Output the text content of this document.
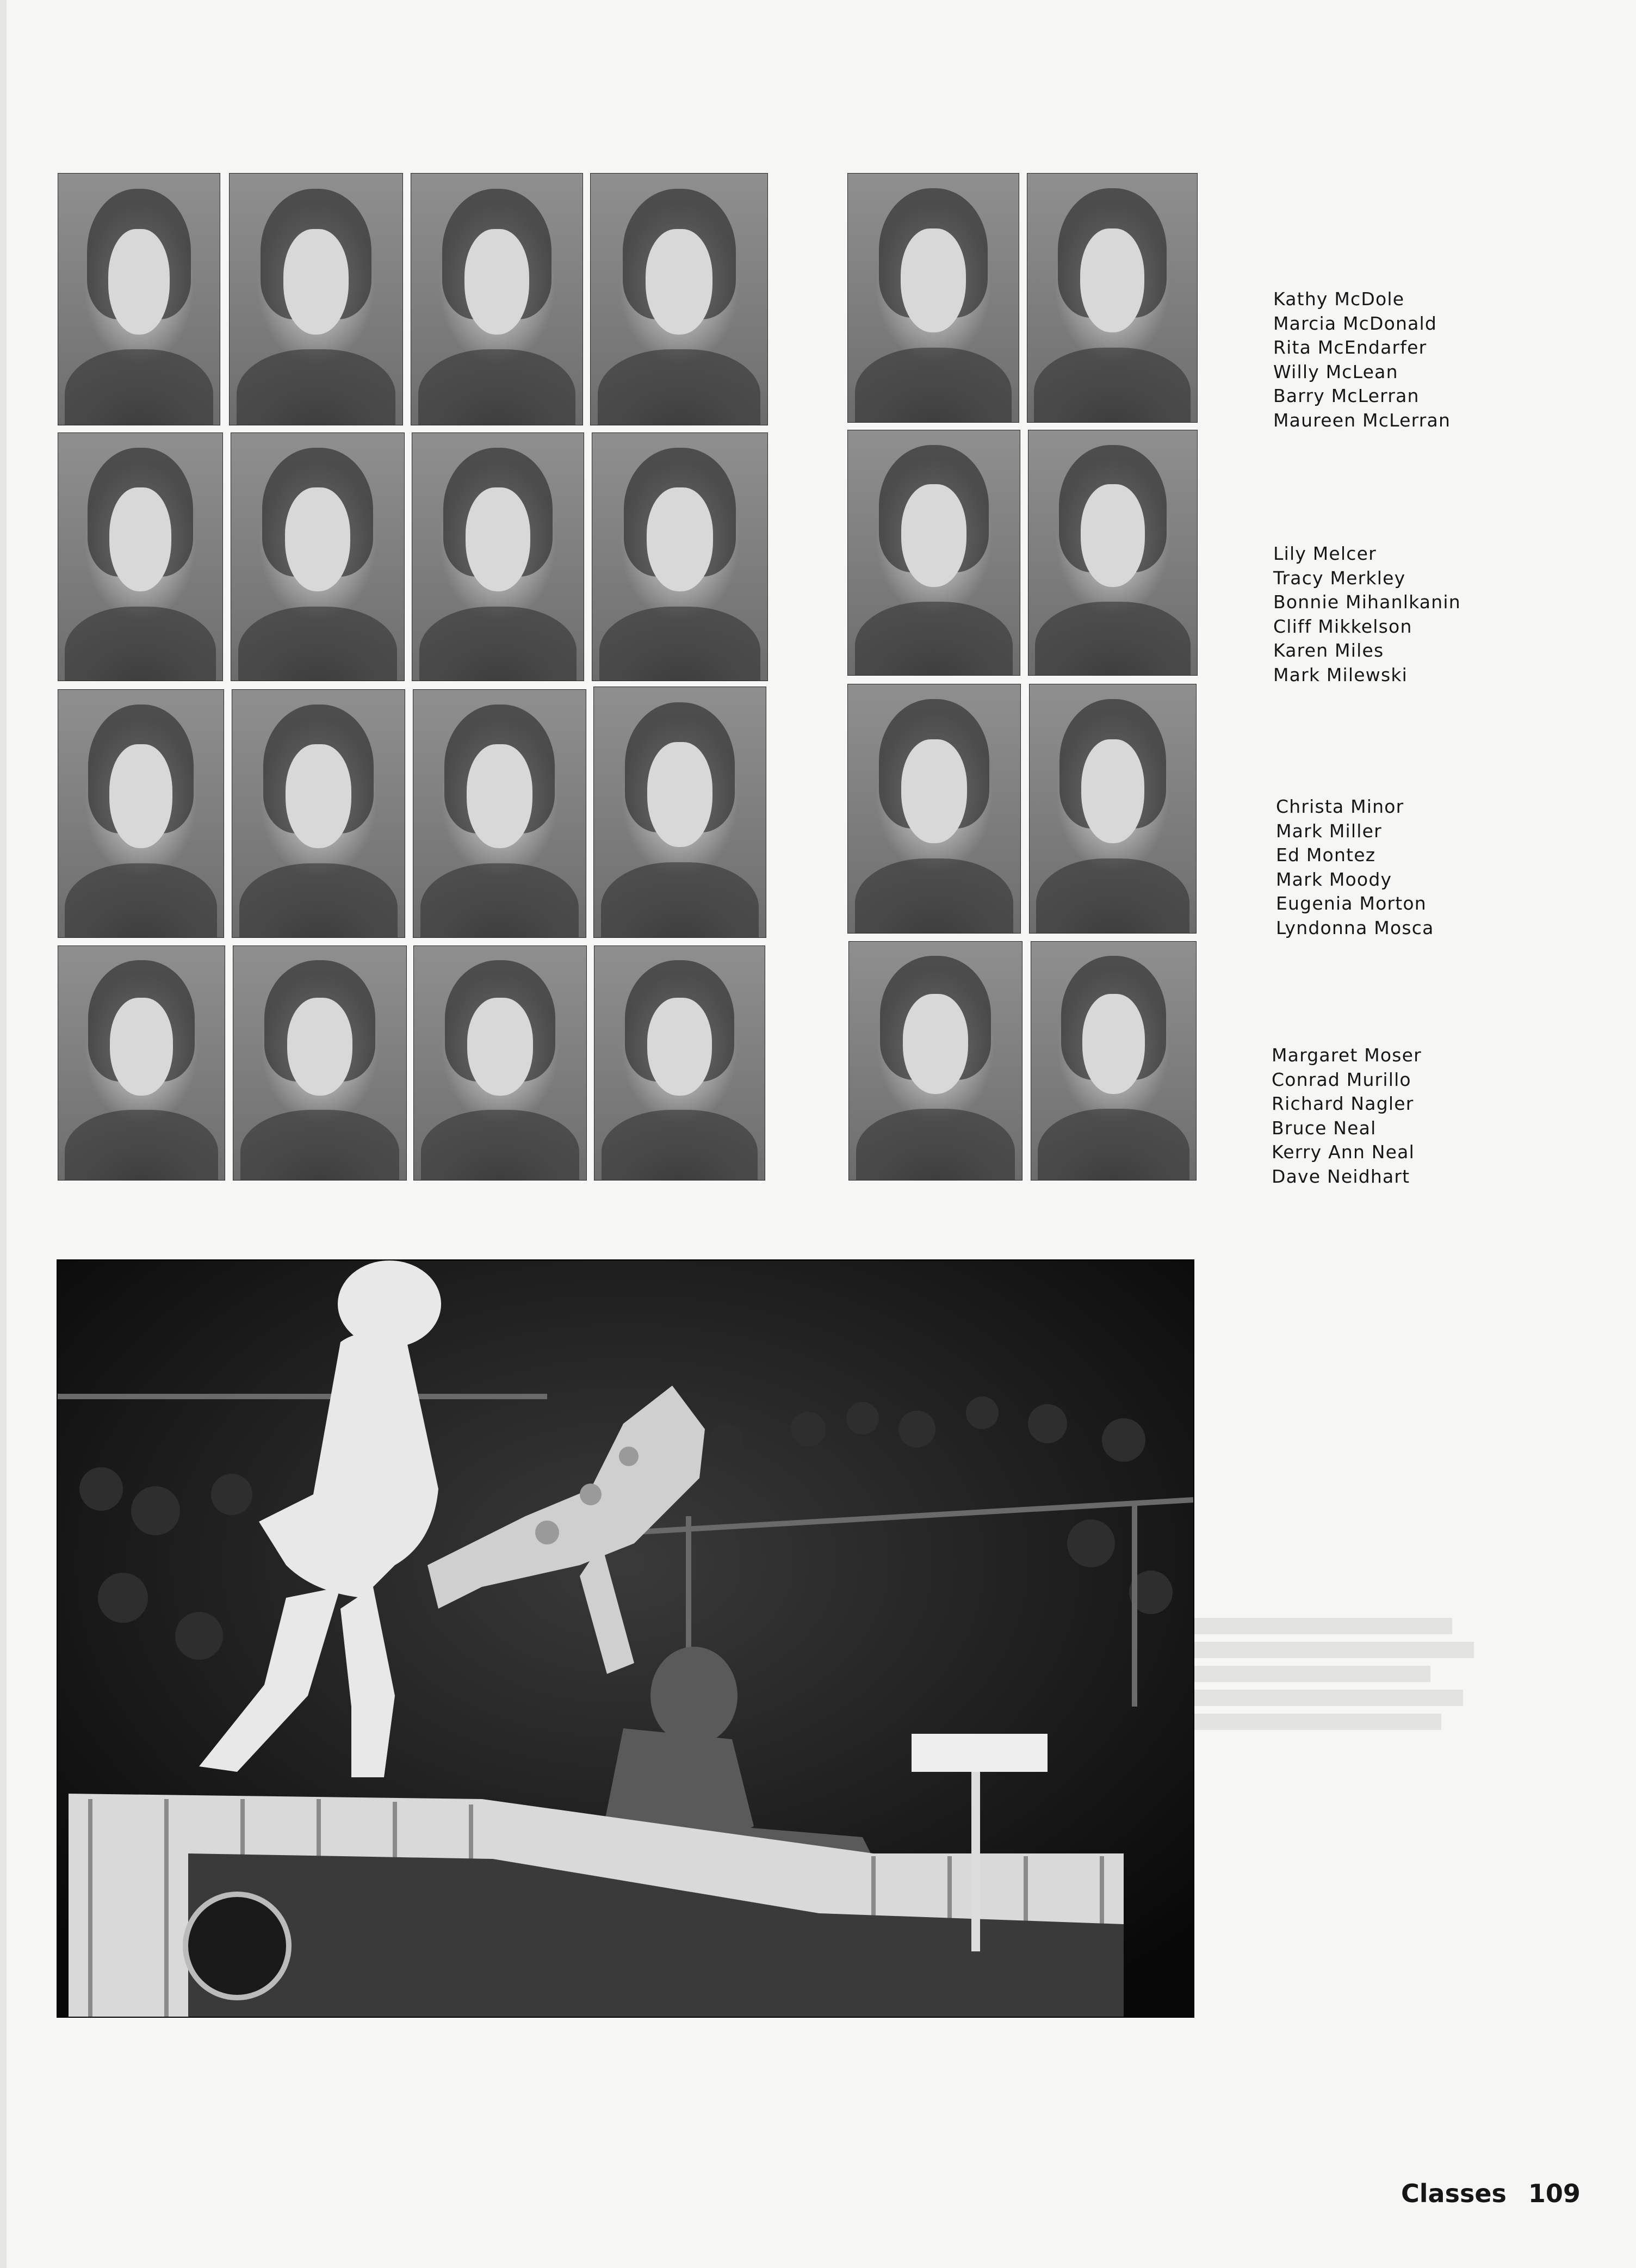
Kathy McDole
Marcia McDonald
Rita McEndarfer
Willy McLean
Barry McLerran
Maureen McLerran
Lily Melcer
Tracy Merkley
Bonnie Mihanlkanin
Cliff Mikkelson
Karen Miles
Mark Milewski
Christa Minor
Mark Miller
Ed Montez
Mark Moody
Eugenia Morton
Lyndonna Mosca
Margaret Moser
Conrad Murillo
Richard Nagler
Bruce Neal
Kerry Ann Neal
Dave Neidhart
Classes 109
